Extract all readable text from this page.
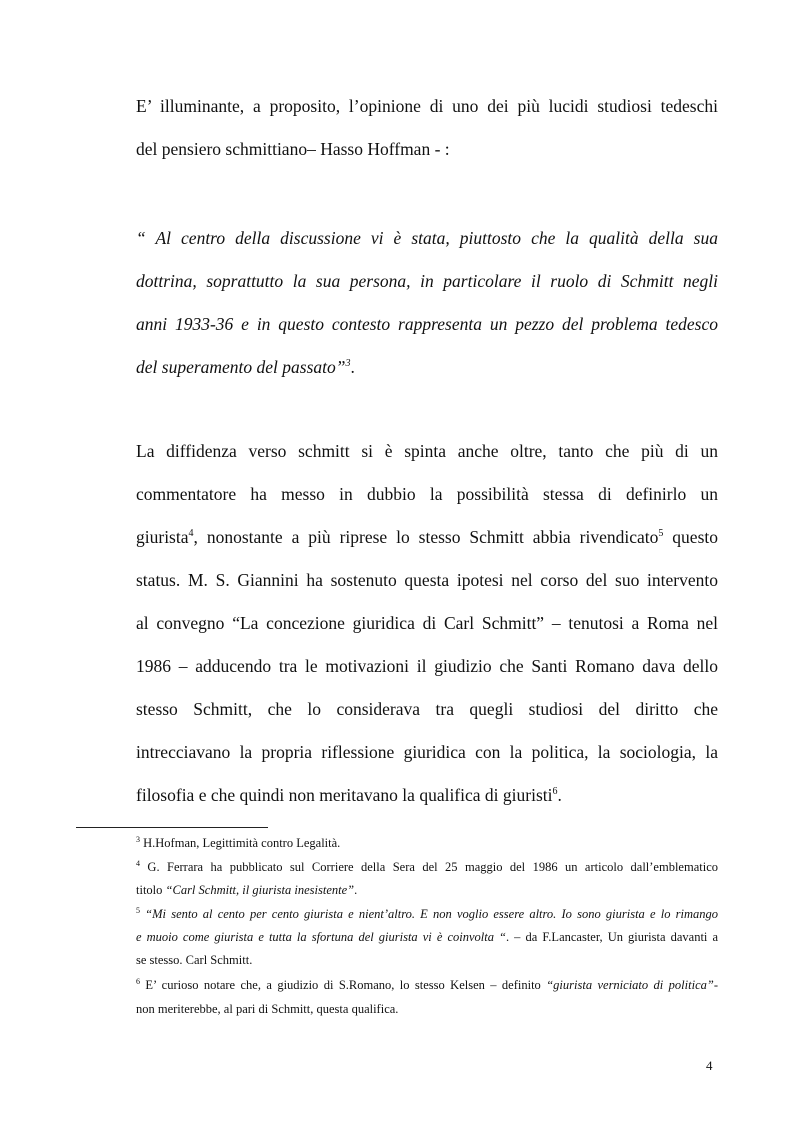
E’ illuminante, a proposito, l’opinione di uno dei più lucidi studiosi tedeschi
del pensiero schmittiano– Hasso Hoffman - :
“ Al centro della discussione vi è stata, piuttosto che la qualità della sua
dottrina, soprattutto la sua persona, in particolare il ruolo di Schmitt negli
anni 1933-36 e in questo contesto rappresenta un pezzo del problema tedesco
del superamento del passato”$^3$.
La diffidenza verso schmitt si è spinta anche oltre, tanto che più di un
commentatore ha messo in dubbio la possibilità stessa di definirlo un
giurista$^4$, nonostante a più riprese lo stesso Schmitt abbia rivendicato$^5$ questo
status. M. S. Giannini ha sostenuto questa ipotesi nel corso del suo intervento
al convegno “La concezione giuridica di Carl Schmitt” – tenutosi a Roma nel
1986 – adducendo tra le motivazioni il giudizio che Santi Romano dava dello
stesso Schmitt, che lo considerava tra quegli studiosi del diritto che
intrecciavano la propria riflessione giuridica con la politica, la sociologia, la
filosofia e che quindi non meritavano la qualifica di giuristi$^6$.
$^3$ H.Hofman, Legittimità contro Legalità.
$^4$ G. Ferrara ha pubblicato sul Corriere della Sera del 25 maggio del 1986 un articolo dall’emblematico
titolo “Carl Schmitt, il giurista inesistente”.
$^5$ “Mi sento al cento per cento giurista e nient’altro. E non voglio essere altro. Io sono giurista e lo rimango
e muoio come giurista e tutta la sfortuna del giurista vi è coinvolta “. – da F.Lancaster, Un giurista davanti a
se stesso. Carl Schmitt.
$^6$ E’ curioso notare che, a giudizio di S.Romano, lo stesso Kelsen – definito “giurista verniciato di politica”-
non meriterebbe, al pari di Schmitt, questa qualifica.
4
